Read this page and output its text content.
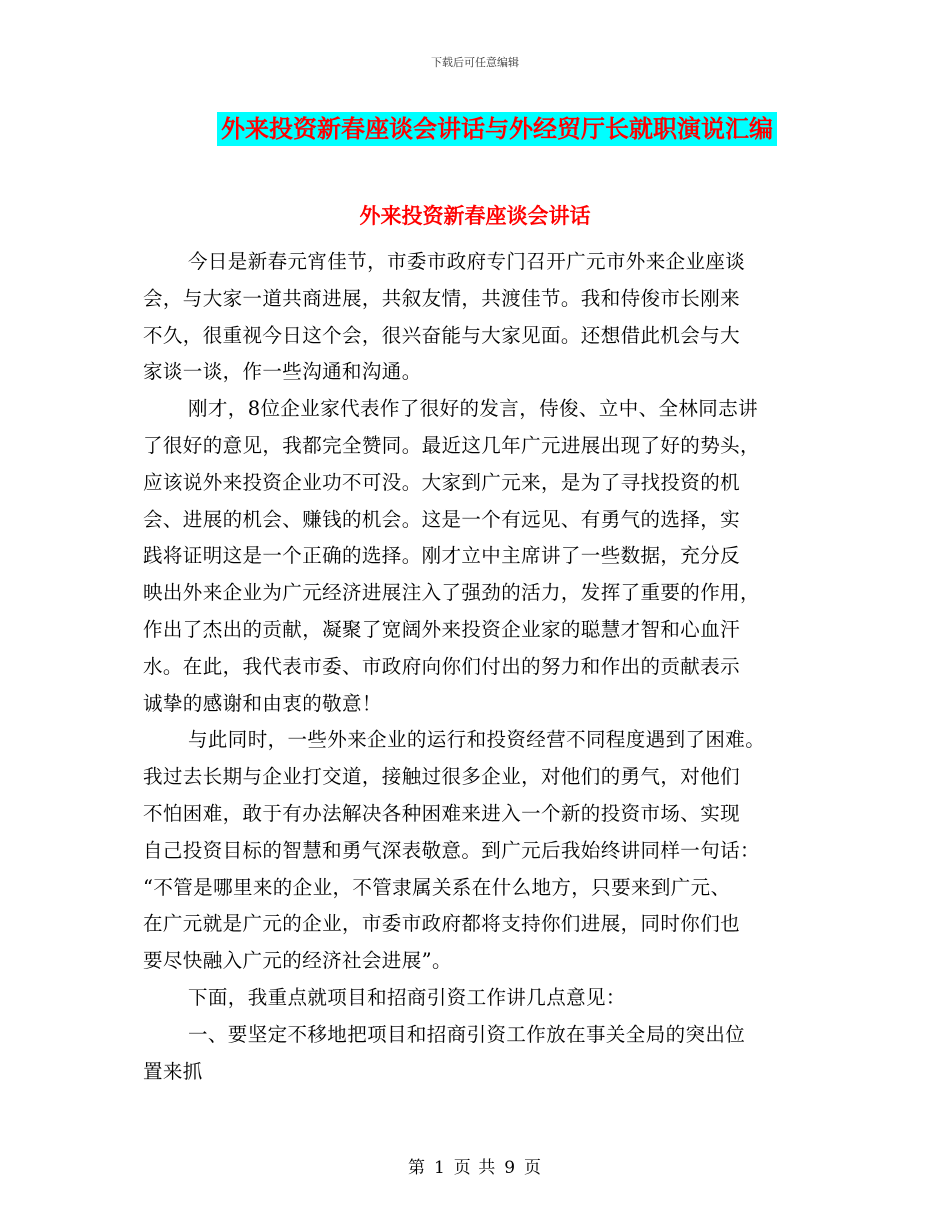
下载后可任意编辑
外来投资新春座谈会讲话与外经贸厅长就职演说汇编
外来投资新春座谈会讲话

今日是新春元宵佳节，市委市政府专门召开广元市外来企业座谈
会，与大家一道共商进展，共叙友情，共渡佳节。我和侍俊市长刚来
不久，很重视今日这个会，很兴奋能与大家见面。还想借此机会与大
家谈一谈，作一些沟通和沟通。

刚才，8位企业家代表作了很好的发言，侍俊、立中、全林同志讲
了很好的意见，我都完全赞同。最近这几年广元进展出现了好的势头，
应该说外来投资企业功不可没。大家到广元来，是为了寻找投资的机
会、进展的机会、赚钱的机会。这是一个有远见、有勇气的选择，实
践将证明这是一个正确的选择。刚才立中主席讲了一些数据，充分反
映出外来企业为广元经济进展注入了强劲的活力，发挥了重要的作用，
作出了杰出的贡献，凝聚了宽阔外来投资企业家的聪慧才智和心血汗
水。在此，我代表市委、市政府向你们付出的努力和作出的贡献表示
诚挚的感谢和由衷的敬意！

与此同时，一些外来企业的运行和投资经营不同程度遇到了困难。
我过去长期与企业打交道，接触过很多企业，对他们的勇气，对他们
不怕困难，敢于有办法解决各种困难来进入一个新的投资市场、实现
自己投资目标的智慧和勇气深表敬意。到广元后我始终讲同样一句话：
“不管是哪里来的企业，不管隶属关系在什么地方，只要来到广元、
在广元就是广元的企业，市委市政府都将支持你们进展，同时你们也
要尽快融入广元的经济社会进展”。

下面，我重点就项目和招商引资工作讲几点意见：

一、要坚定不移地把项目和招商引资工作放在事关全局的突出位
置来抓

第 1 页 共 9 页
